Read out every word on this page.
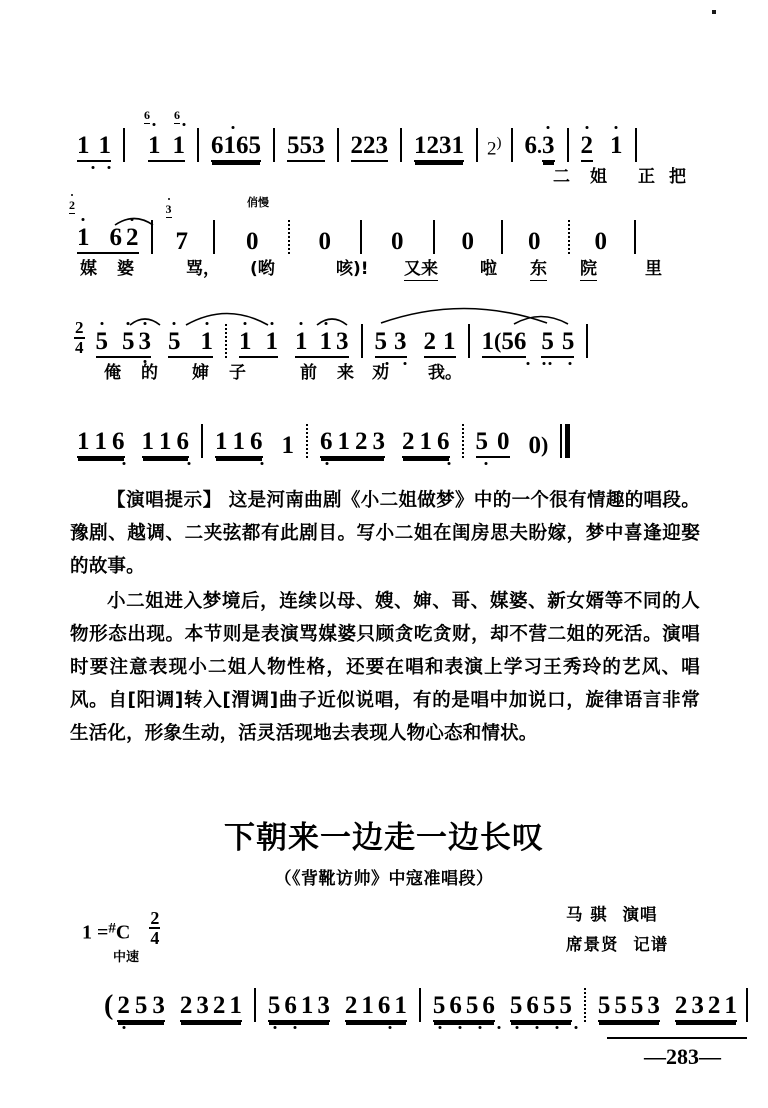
1 1
6 6
1 1 6165 553 223 1231 2) 6.3 2 1
二 姐 正 把
2
1 6 2
3
7
俏慢
0 0 0 0 0 0
媒 婆	骂， (哟	咳)! 又来 啦 东 院	里
$\frac{2}{4} 5$ 5 3 5 1 1 1 1 1 3 5 3 2 1 1(56 5 5
俺 的 婶 子	前 来 劝 我。
1 1 6 1 1 6 1 1 6 1 6 1 2 3 2 1 6 5 0 0)

【演唱提示】 这是河南曲剧《小二姐做梦》中的一个很有情趣的唱段。豫剧、越调、二夹弦都有此剧目。写小二姐在闺房思夫盼嫁，梦中喜逢迎娶的故事。

小二姐进入梦境后，连续以母、嫂、婶、哥、媒婆、新女婿等不同的人物形态出现。本节则是表演骂媒婆只顾贪吃贪财，却不营二姐的死活。演唱时要注意表现小二姐人物性格，还要在唱和表演上学习王秀玲的艺风、唱风。自[阳调]转入[渭调]曲子近似说唱，有的是唱中加说口，旋律语言非常生活化，形象生动，活灵活现地去表现人物心态和情状。

下朝来一边走一边长叹
（《背靴访帅》中寇准唱段）
$1 =^{\#}C \frac{2}{4}$
中速
马 骐 演唱
席景贤 记谱
( 2 5 3 2 3 2 1 5 6 1 3 2 1 6 1 5 6 5 6 5 6 5 5 5 5 5 3 2 3 2 1
—283—
